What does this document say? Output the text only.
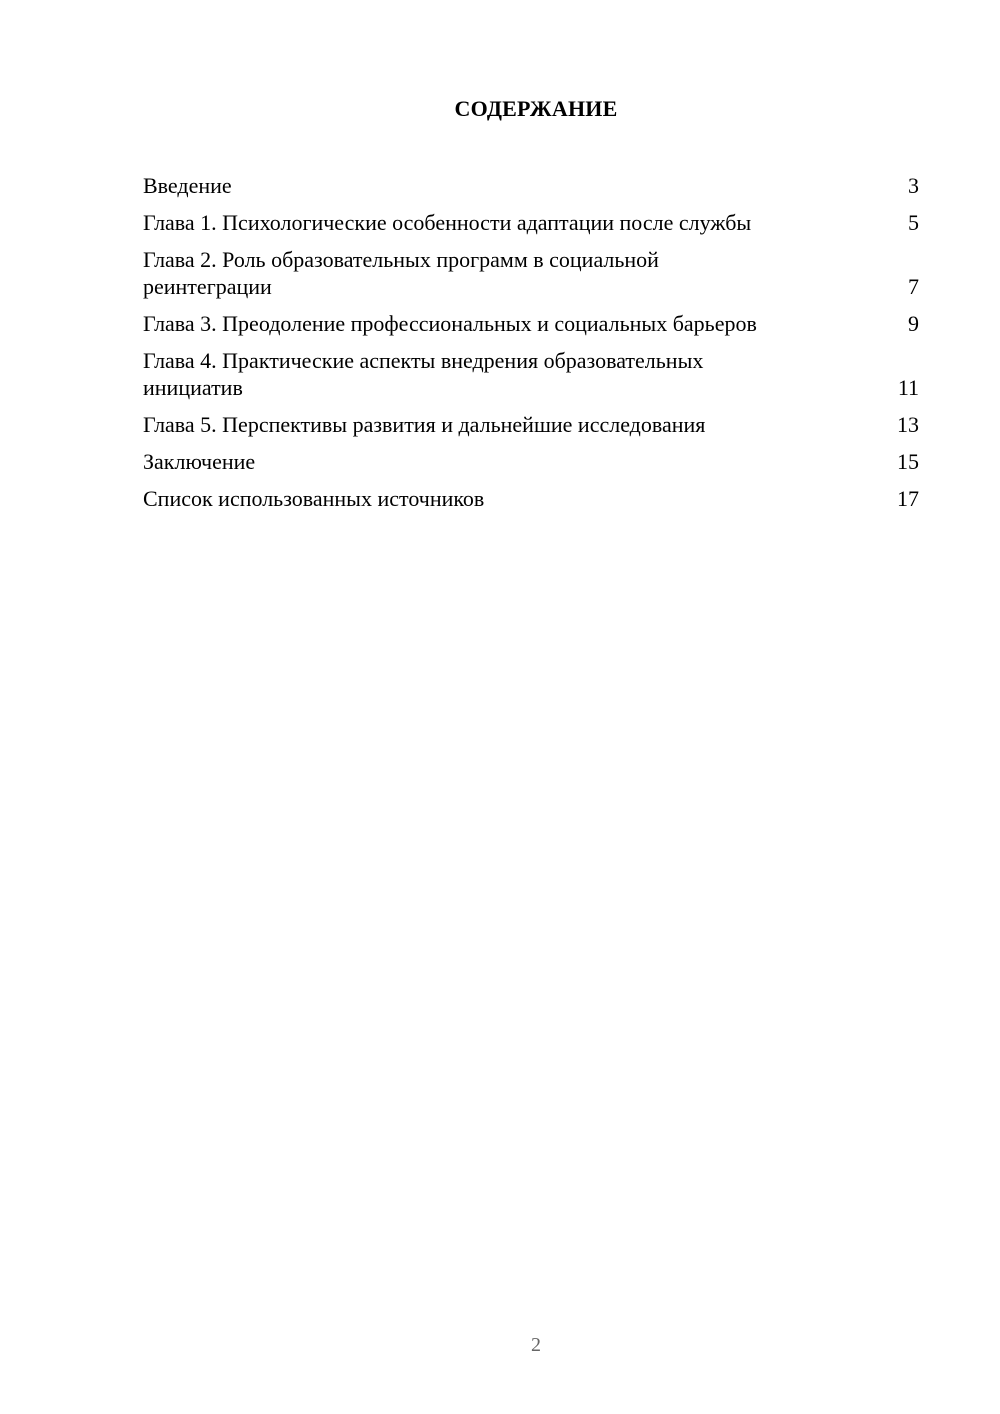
СОДЕРЖАНИЕ
Введение	3
Глава 1. Психологические особенности адаптации после службы	5
Глава 2. Роль образовательных программ в социальной реинтеграции	7
Глава 3. Преодоление профессиональных и социальных барьеров	9
Глава 4. Практические аспекты внедрения образовательных инициатив	11
Глава 5. Перспективы развития и дальнейшие исследования	13
Заключение	15
Список использованных источников	17
2
